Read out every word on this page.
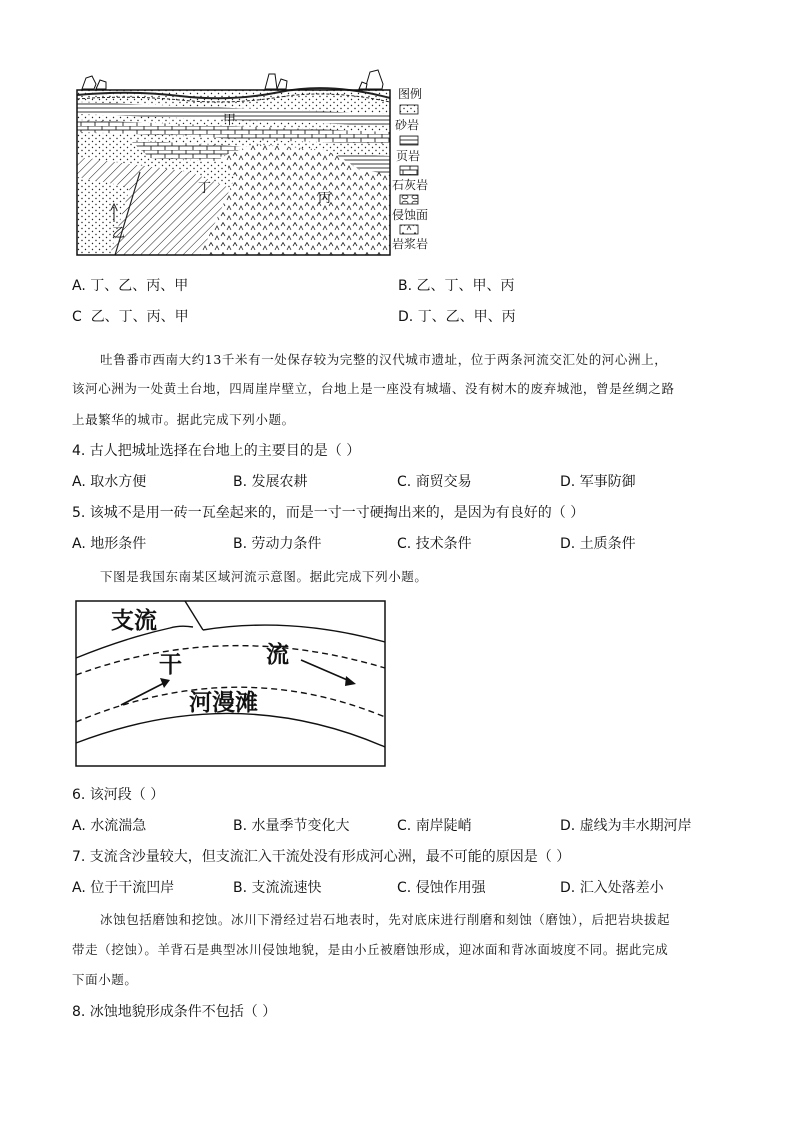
甲
丁
丙
乙
图例
砂岩
页岩
石灰岩
侵蚀面
岩浆岩
A. 丁、乙、丙、甲	B. 乙、丁、甲、丙
C 乙、丁、丙、甲	D. 丁、乙、甲、丙
吐鲁番市西南大约13千米有一处保存较为完整的汉代城市遗址，位于两条河流交汇处的河心洲上，
该河心洲为一处黄土台地，四周崖岸壁立，台地上是一座没有城墙、没有树木的废弃城池，曾是丝绸之路
上最繁华的城市。据此完成下列小题。
4. 古人把城址选择在台地上的主要目的是（ ）
A. 取水方便	B. 发展农耕	C. 商贸交易	D. 军事防御
5. 该城不是用一砖一瓦垒起来的，而是一寸一寸硬掏出来的，是因为有良好的（ ）
A. 地形条件	B. 劳动力条件	C. 技术条件	D. 土质条件
下图是我国东南某区域河流示意图。据此完成下列小题。
支流
干	流
河漫滩
6. 该河段（ ）
A. 水流湍急	B. 水量季节变化大	C. 南岸陡峭	D. 虚线为丰水期河岸
7. 支流含沙量较大，但支流汇入干流处没有形成河心洲，最不可能的原因是（ ）
A. 位于干流凹岸	B. 支流流速快	C. 侵蚀作用强	D. 汇入处落差小
冰蚀包括磨蚀和挖蚀。冰川下滑经过岩石地表时，先对底床进行削磨和刻蚀（磨蚀），后把岩块拔起
带走（挖蚀）。羊背石是典型冰川侵蚀地貌，是由小丘被磨蚀形成，迎冰面和背冰面坡度不同。据此完成
下面小题。
8. 冰蚀地貌形成条件不包括（ ）
